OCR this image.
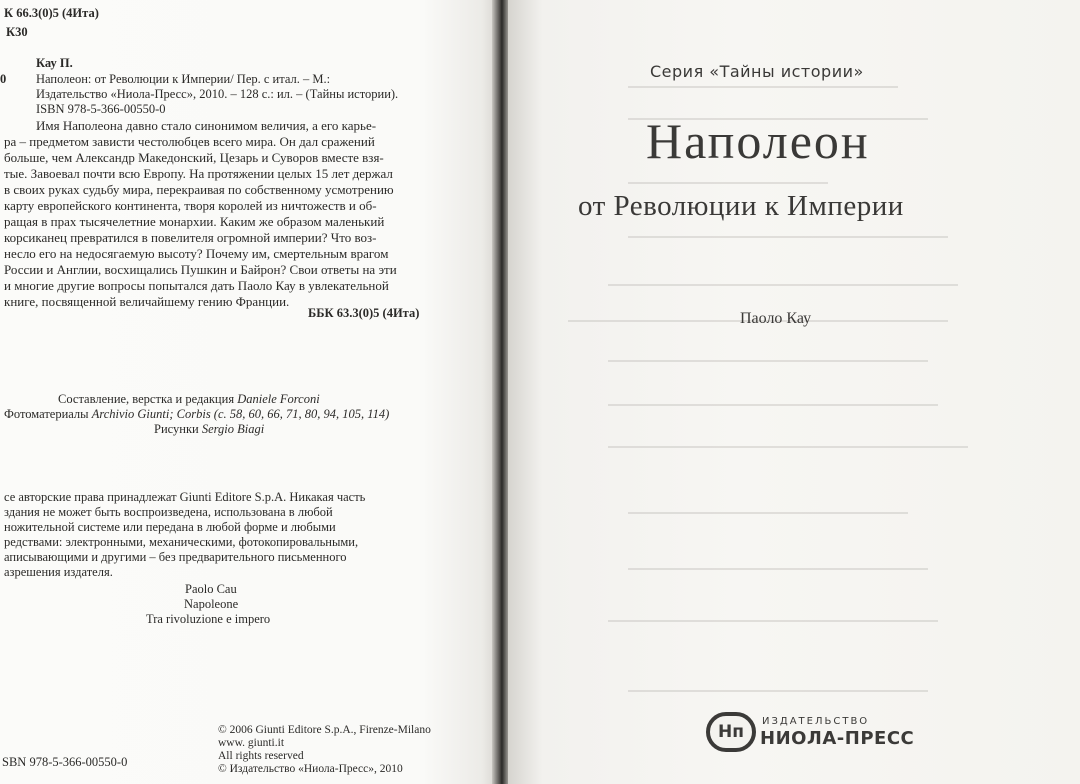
К 66.3(0)5 (4Ита)
К30
Кау П.
0 Наполеон: от Революции к Империи/ Пер. с итал. – М.:
Издательство «Ниола-Пресс», 2010. – 128 с.: ил. – (Тайны истории).
ISBN 978-5-366-00550-0
Имя Наполеона давно стало синонимом величия, а его карье-
ра – предметом зависти честолюбцев всего мира. Он дал сражений
больше, чем Александр Македонский, Цезарь и Суворов вместе взя-
тые. Завоевал почти всю Европу. На протяжении целых 15 лет держал
в своих руках судьбу мира, перекраивая по собственному усмотрению
карту европейского континента, творя королей из ничтожеств и об-
ращая в прах тысячелетние монархии. Каким же образом маленький
корсиканец превратился в повелителя огромной империи? Что воз-
несло его на недосягаемую высоту? Почему им, смертельным врагом
России и Англии, восхищались Пушкин и Байрон? Свои ответы на эти
и многие другие вопросы попытался дать Паоло Кау в увлекательной
книге, посвященной величайшему гению Франции.
ББК 63.3(0)5 (4Ита)
Составление, верстка и редакция Daniele Forconi
Фотоматериалы Archivio Giunti; Corbis (c. 58, 60, 66, 71, 80, 94, 105, 114)
Рисунки Sergio Biagi
се авторские права принадлежат Giunti Editore S.p.A. Никакая часть
здания не может быть воспроизведена, использована в любой
ножительной системе или передана в любой форме и любыми
редствами: электронными, механическими, фотокопировальными,
аписывающими и другими – без предварительного письменного
азрешения издателя.
Paolo Cau
Napoleone
Tra rivoluzione e impero
© 2006 Giunti Editore S.p.A., Firenze-Milano
www. giunti.it
All rights reserved
© Издательство «Ниола-Пресс», 2010
SBN 978-5-366-00550-0
Серия «Тайны истории»
Наполеон
от Революции к Империи
Паоло Кау
Нп
ИЗДАТЕЛЬСТВО
НИОЛА-ПРЕСС
